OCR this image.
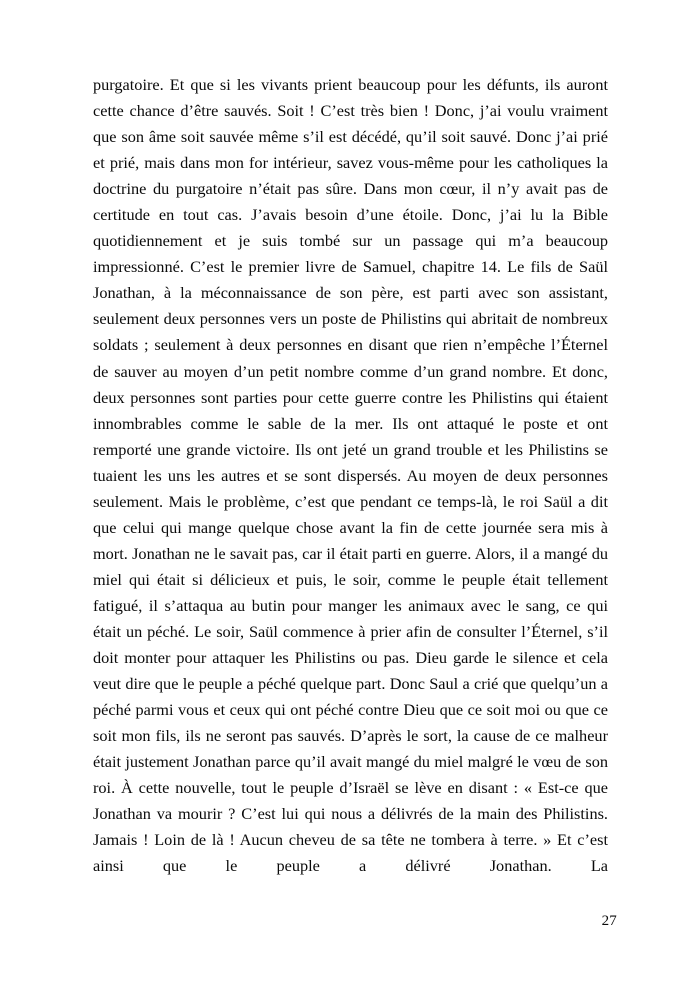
purgatoire. Et que si les vivants prient beaucoup pour les défunts, ils auront cette chance d’être sauvés. Soit ! C’est très bien ! Donc, j’ai voulu vraiment que son âme soit sauvée même s’il est décédé, qu’il soit sauvé. Donc j’ai prié et prié, mais dans mon for intérieur, savez vous-même pour les catholiques la doctrine du purgatoire n’était pas sûre. Dans mon cœur, il n’y avait pas de certitude en tout cas. J’avais besoin d’une étoile. Donc, j’ai lu la Bible quotidiennement et je suis tombé sur un passage qui m’a beaucoup impressionné. C’est le premier livre de Samuel, chapitre 14. Le fils de Saül Jonathan, à la méconnaissance de son père, est parti avec son assistant, seulement deux personnes vers un poste de Philistins qui abritait de nombreux soldats ; seulement à deux personnes en disant que rien n’empêche l’Éternel de sauver au moyen d’un petit nombre comme d’un grand nombre. Et donc, deux personnes sont parties pour cette guerre contre les Philistins qui étaient innombrables comme le sable de la mer. Ils ont attaqué le poste et ont remporté une grande victoire. Ils ont jeté un grand trouble et les Philistins se tuaient les uns les autres et se sont dispersés. Au moyen de deux personnes seulement. Mais le problème, c’est que pendant ce temps-là, le roi Saül a dit que celui qui mange quelque chose avant la fin de cette journée sera mis à mort. Jonathan ne le savait pas, car il était parti en guerre. Alors, il a mangé du miel qui était si délicieux et puis, le soir, comme le peuple était tellement fatigué, il s’attaqua au butin pour manger les animaux avec le sang, ce qui était un péché. Le soir, Saül commence à prier afin de consulter l’Éternel, s’il doit monter pour attaquer les Philistins ou pas. Dieu garde le silence et cela veut dire que le peuple a péché quelque part. Donc Saul a crié que quelqu’un a péché parmi vous et ceux qui ont péché contre Dieu que ce soit moi ou que ce soit mon fils, ils ne seront pas sauvés. D’après le sort, la cause de ce malheur était justement Jonathan parce qu’il avait mangé du miel malgré le vœu de son roi. À cette nouvelle, tout le peuple d’Israël se lève en disant : « Est-ce que Jonathan va mourir ? C’est lui qui nous a délivrés de la main des Philistins. Jamais ! Loin de là ! Aucun cheveu de sa tête ne tombera à terre. » Et c’est ainsi que le peuple a délivré Jonathan. La

27
